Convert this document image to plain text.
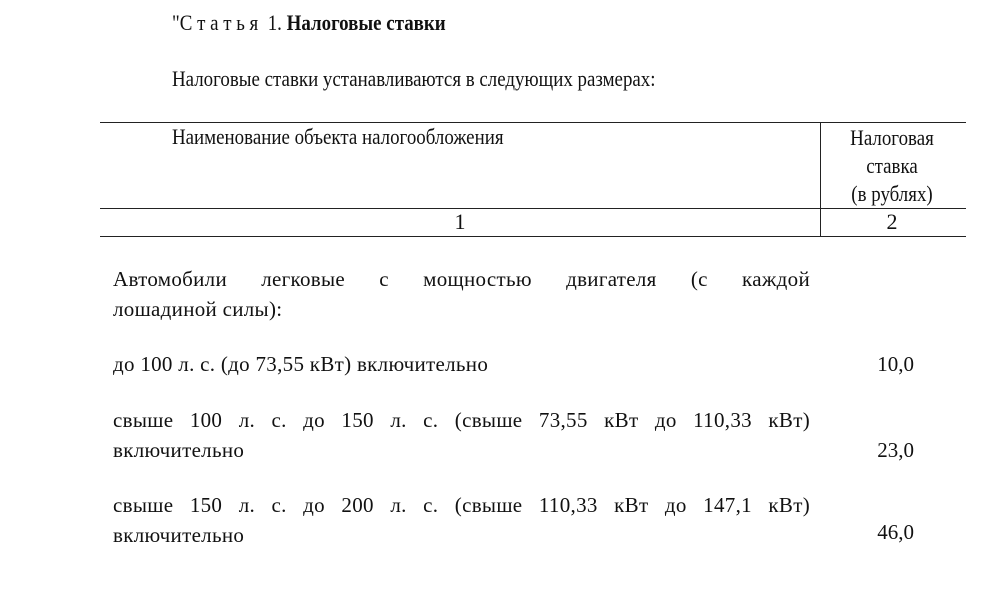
"С т а т ь я  1. Налоговые ставки
Налоговые ставки устанавливаются в следующих размерах:
Наименование объекта налогообложения	Налоговая
ставка
(в рублях)
1	2
Автомобили легковые с мощностью двигателя (с каждой
лошадиной силы):
до 100 л. с. (до 73,55 кВт) включительно	10,0
свыше 100 л. с. до 150 л. с. (свыше 73,55 кВт до 110,33 кВт)
включительно	23,0
свыше 150 л. с. до 200 л. с. (свыше 110,33 кВт до 147,1 кВт)
включительно	46,0
